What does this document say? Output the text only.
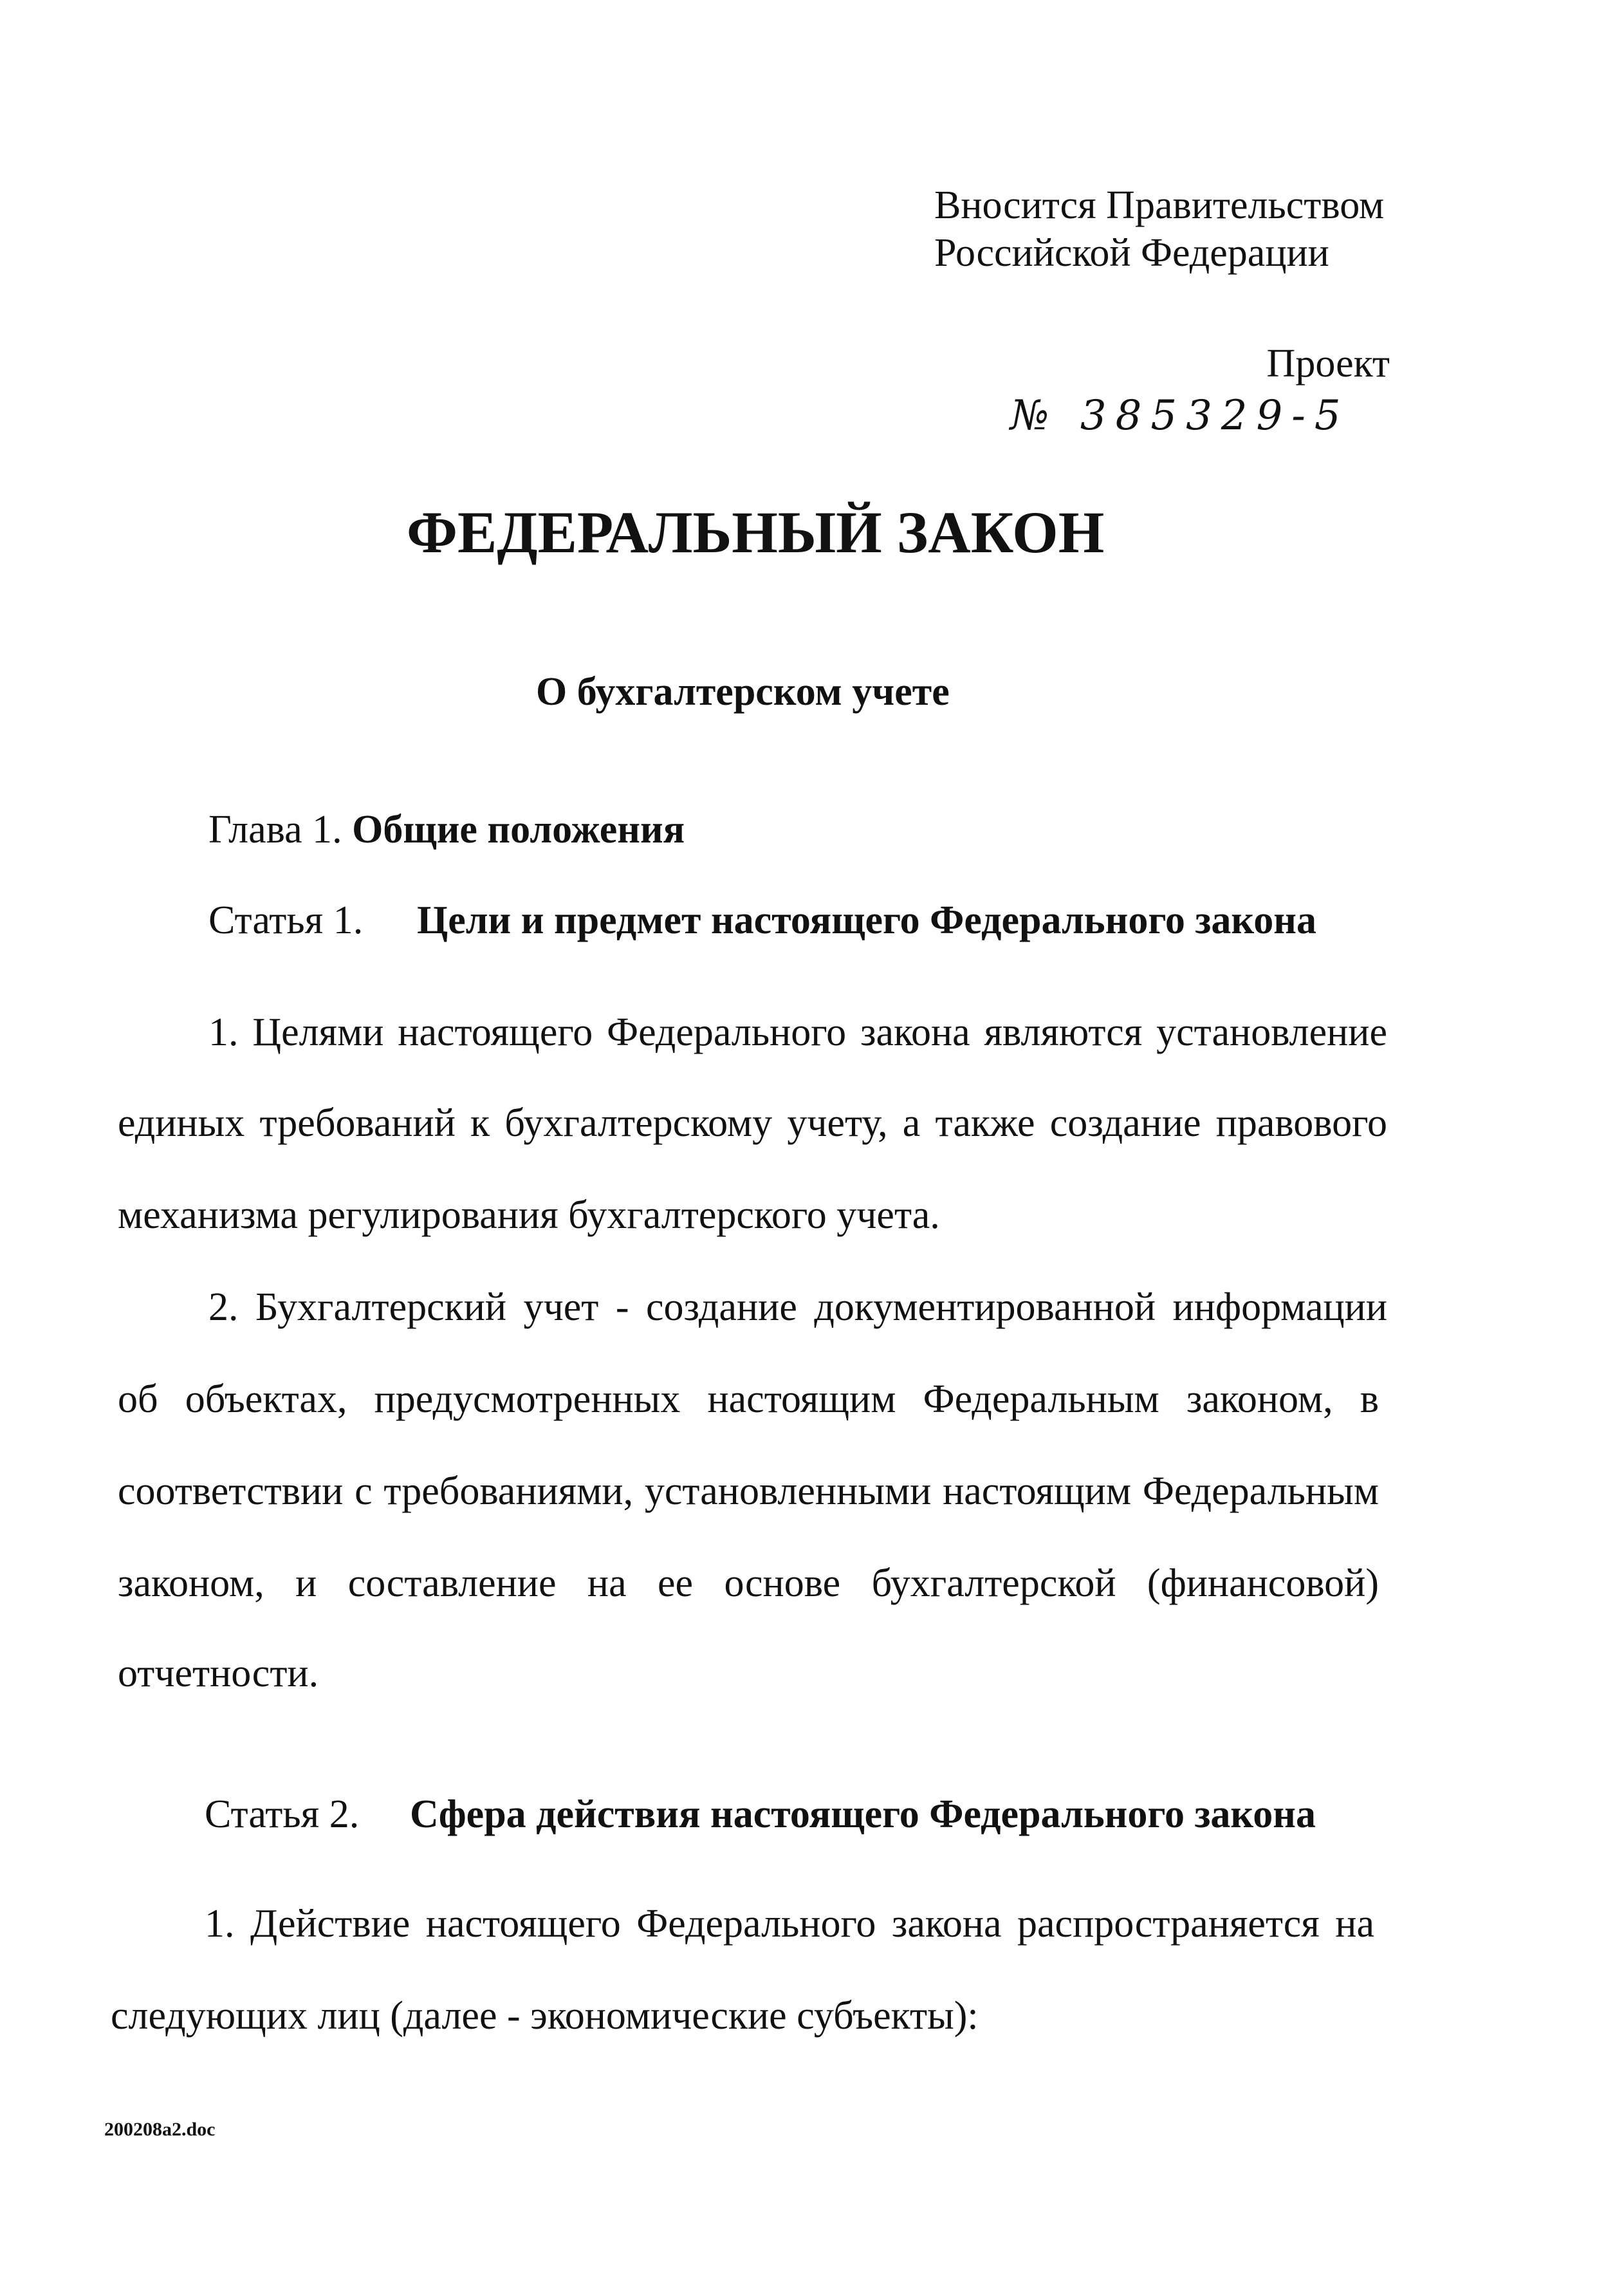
Вносится Правительством
Российской Федерации
Проект
№ 385329-5
ФЕДЕРАЛЬНЫЙ ЗАКОН
О бухгалтерском учете
Глава 1. Общие положения
Статья 1. Цели и предмет настоящего Федерального закона
1. Целями настоящего Федерального закона являются установление
единых требований к бухгалтерскому учету, а также создание правового
механизма регулирования бухгалтерского учета.
2. Бухгалтерский учет - создание документированной информации
об объектах, предусмотренных настоящим Федеральным законом, в
соответствии с требованиями, установленными настоящим Федеральным
законом, и составление на ее основе бухгалтерской (финансовой)
отчетности.
Статья 2. Сфера действия настоящего Федерального закона
1. Действие настоящего Федерального закона распространяется на
следующих лиц (далее - экономические субъекты):
200208a2.doc
